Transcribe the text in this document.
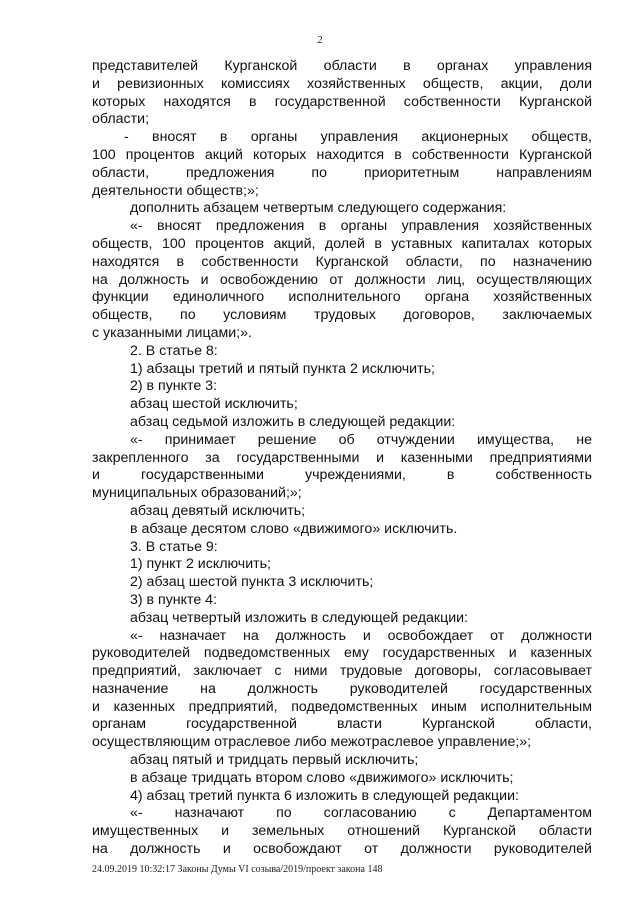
2
представителей Курганской области в органах управления
и ревизионных комиссиях хозяйственных обществ, акции, доли
которых находятся в государственной собственности Курганской
области;
- вносят в органы управления акционерных обществ,
100 процентов акций которых находится в собственности Курганской
области, предложения по приоритетным направлениям
деятельности обществ;»;
дополнить абзацем четвертым следующего содержания:
«- вносят предложения в органы управления хозяйственных
обществ, 100 процентов акций, долей в уставных капиталах которых
находятся в собственности Курганской области, по назначению
на должность и освобождению от должности лиц, осуществляющих
функции единоличного исполнительного органа хозяйственных
обществ, по условиям трудовых договоров, заключаемых
с указанными лицами;».
2. В статье 8:
1) абзацы третий и пятый пункта 2 исключить;
2) в пункте 3:
абзац шестой исключить;
абзац седьмой изложить в следующей редакции:
«- принимает решение об отчуждении имущества, не
закрепленного за государственными и казенными предприятиями
и государственными учреждениями, в собственность
муниципальных образований;»;
абзац девятый исключить;
в абзаце десятом слово «движимого» исключить.
3. В статье 9:
1) пункт 2 исключить;
2) абзац шестой пункта 3 исключить;
3) в пункте 4:
абзац четвертый изложить в следующей редакции:
«- назначает на должность и освобождает от должности
руководителей подведомственных ему государственных и казенных
предприятий, заключает с ними трудовые договоры, согласовывает
назначение на должность руководителей государственных
и казенных предприятий, подведомственных иным исполнительным
органам государственной власти Курганской области,
осуществляющим отраслевое либо межотраслевое управление;»;
абзац пятый и тридцать первый исключить;
в абзаце тридцать втором слово «движимого» исключить;
4) абзац третий пункта 6 изложить в следующей редакции:
«- назначают по согласованию с Департаментом
имущественных и земельных отношений Курганской области
на должность и освобождают от должности руководителей
24.09.2019 10:32:17 Законы Думы VI созыва/2019/проект закона 148
